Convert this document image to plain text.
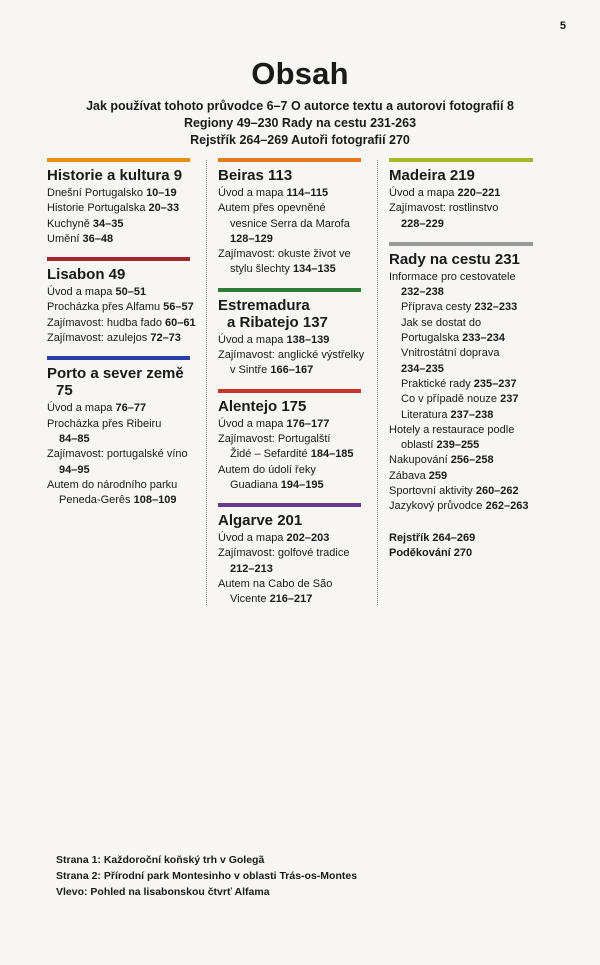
5
Obsah
Jak používat tohoto průvodce 6–7 O autorce textu a autorovi fotografií 8
Regiony 49–230 Rady na cestu 231-263
Rejstřík 264–269 Autoři fotografií 270
Historie a kultura 9
Dnešní Portugalsko 10–19
Historie Portugalska 20–33
Kuchyně 34–35
Umění 36–48
Lisabon 49
Úvod a mapa 50–51
Procházka přes Alfamu 56–57
Zajímavost: hudba fado 60–61
Zajímavost: azulejos 72–73
Porto a sever země
75
Úvod a mapa 76–77
Procházka přes Ribeiru
84–85
Zajímavost: portugalské víno
94–95
Autem do národního parku
Peneda-Gerês 108–109
Beiras 113
Úvod a mapa 114–115
Autem přes opevněné
vesnice Serra da Marofa
128–129
Zajímavost: okuste život ve
stylu šlechty 134–135
Estremadura
a Ribatejo 137
Úvod a mapa 138–139
Zajímavost: anglické výstřelky
v Sintře 166–167
Alentejo 175
Úvod a mapa 176–177
Zajímavost: Portugalští
Židé – Sefardité 184–185
Autem do údolí řeky
Guadiana 194–195
Algarve 201
Úvod a mapa 202–203
Zajímavost: golfové tradice
212–213
Autem na Cabo de São
Vicente 216–217
Madeira 219
Úvod a mapa 220–221
Zajímavost: rostlinstvo
228–229
Rady na cestu 231
Informace pro cestovatele
232–238
Příprava cesty 232–233
Jak se dostat do
Portugalska 233–234
Vnitrostátní doprava
234–235
Praktické rady 235–237
Co v případě nouze 237
Literatura 237–238
Hotely a restaurace podle
oblastí 239–255
Nakupování 256–258
Zábava 259
Sportovní aktivity 260–262
Jazykový průvodce 262–263
Rejstřík 264–269
Poděkování 270
Strana 1: Každoroční koňský trh v Golegã
Strana 2: Přírodní park Montesinho v oblasti Trás-os-Montes
Vlevo: Pohled na lisabonskou čtvrť Alfama
